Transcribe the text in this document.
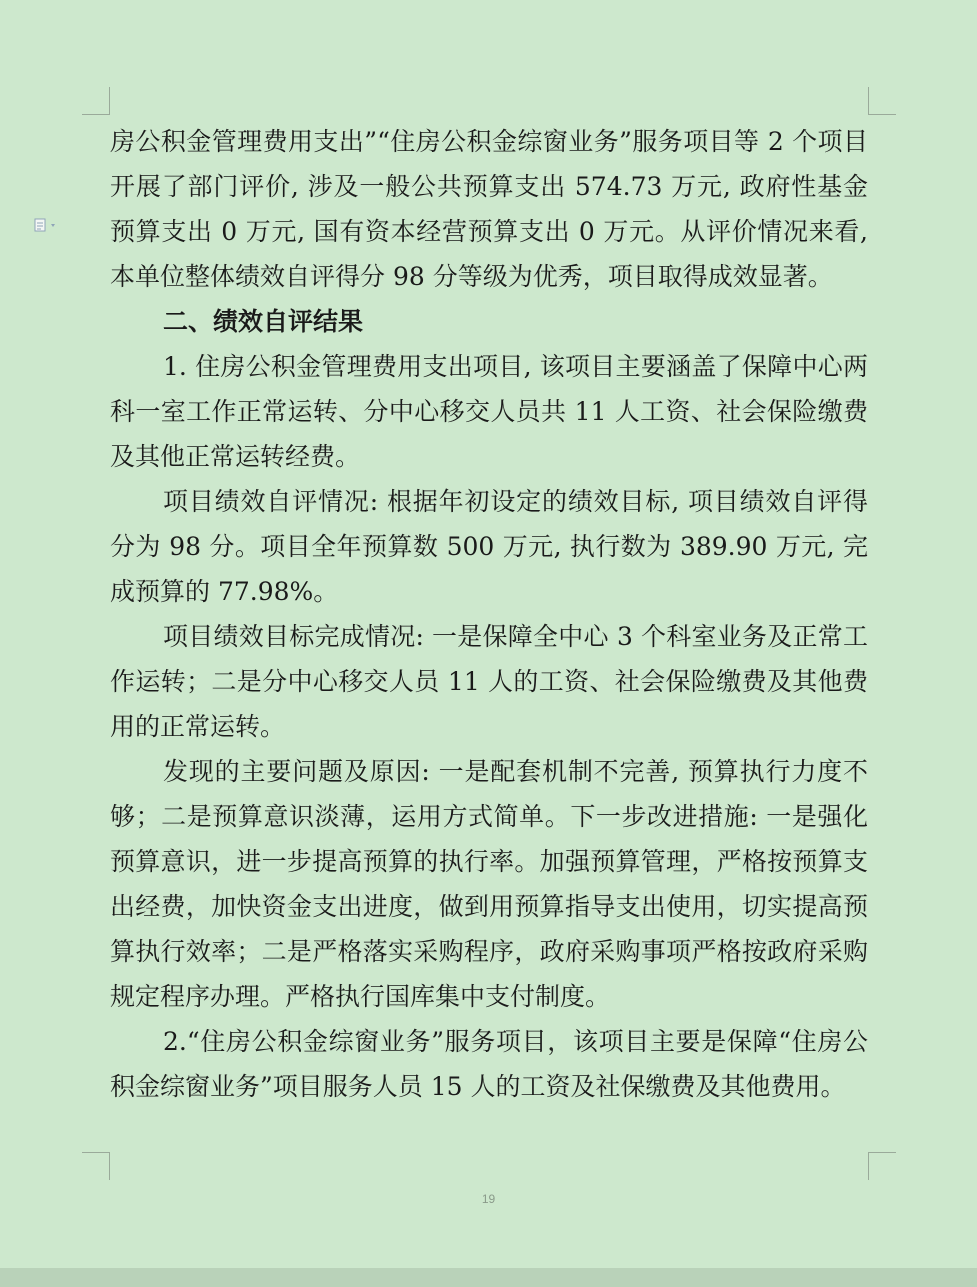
房公积金管理费用支出”“住房公积金综窗业务”服务项目等 2 个项目开展了部门评价, 涉及一般公共预算支出 574.73 万元, 政府性基金预算支出 0 万元, 国有资本经营预算支出 0 万元。从评价情况来看, 本单位整体绩效自评得分 98 分等级为优秀，项目取得成效显著。

二、绩效自评结果

1. 住房公积金管理费用支出项目, 该项目主要涵盖了保障中心两科一室工作正常运转、分中心移交人员共 11 人工资、社会保险缴费及其他正常运转经费。

项目绩效自评情况: 根据年初设定的绩效目标, 项目绩效自评得分为 98 分。项目全年预算数 500 万元, 执行数为 389.90 万元, 完成预算的 77.98%。

项目绩效目标完成情况: 一是保障全中心 3 个科室业务及正常工作运转；二是分中心移交人员 11 人的工资、社会保险缴费及其他费用的正常运转。

发现的主要问题及原因: 一是配套机制不完善, 预算执行力度不够；二是预算意识淡薄，运用方式简单。下一步改进措施: 一是强化预算意识，进一步提高预算的执行率。加强预算管理，严格按预算支出经费，加快资金支出进度，做到用预算指导支出使用，切实提高预算执行效率；二是严格落实采购程序，政府采购事项严格按政府采购规定程序办理。严格执行国库集中支付制度。

2.“住房公积金综窗业务”服务项目，该项目主要是保障“住房公积金综窗业务”项目服务人员 15 人的工资及社保缴费及其他费用。

19
